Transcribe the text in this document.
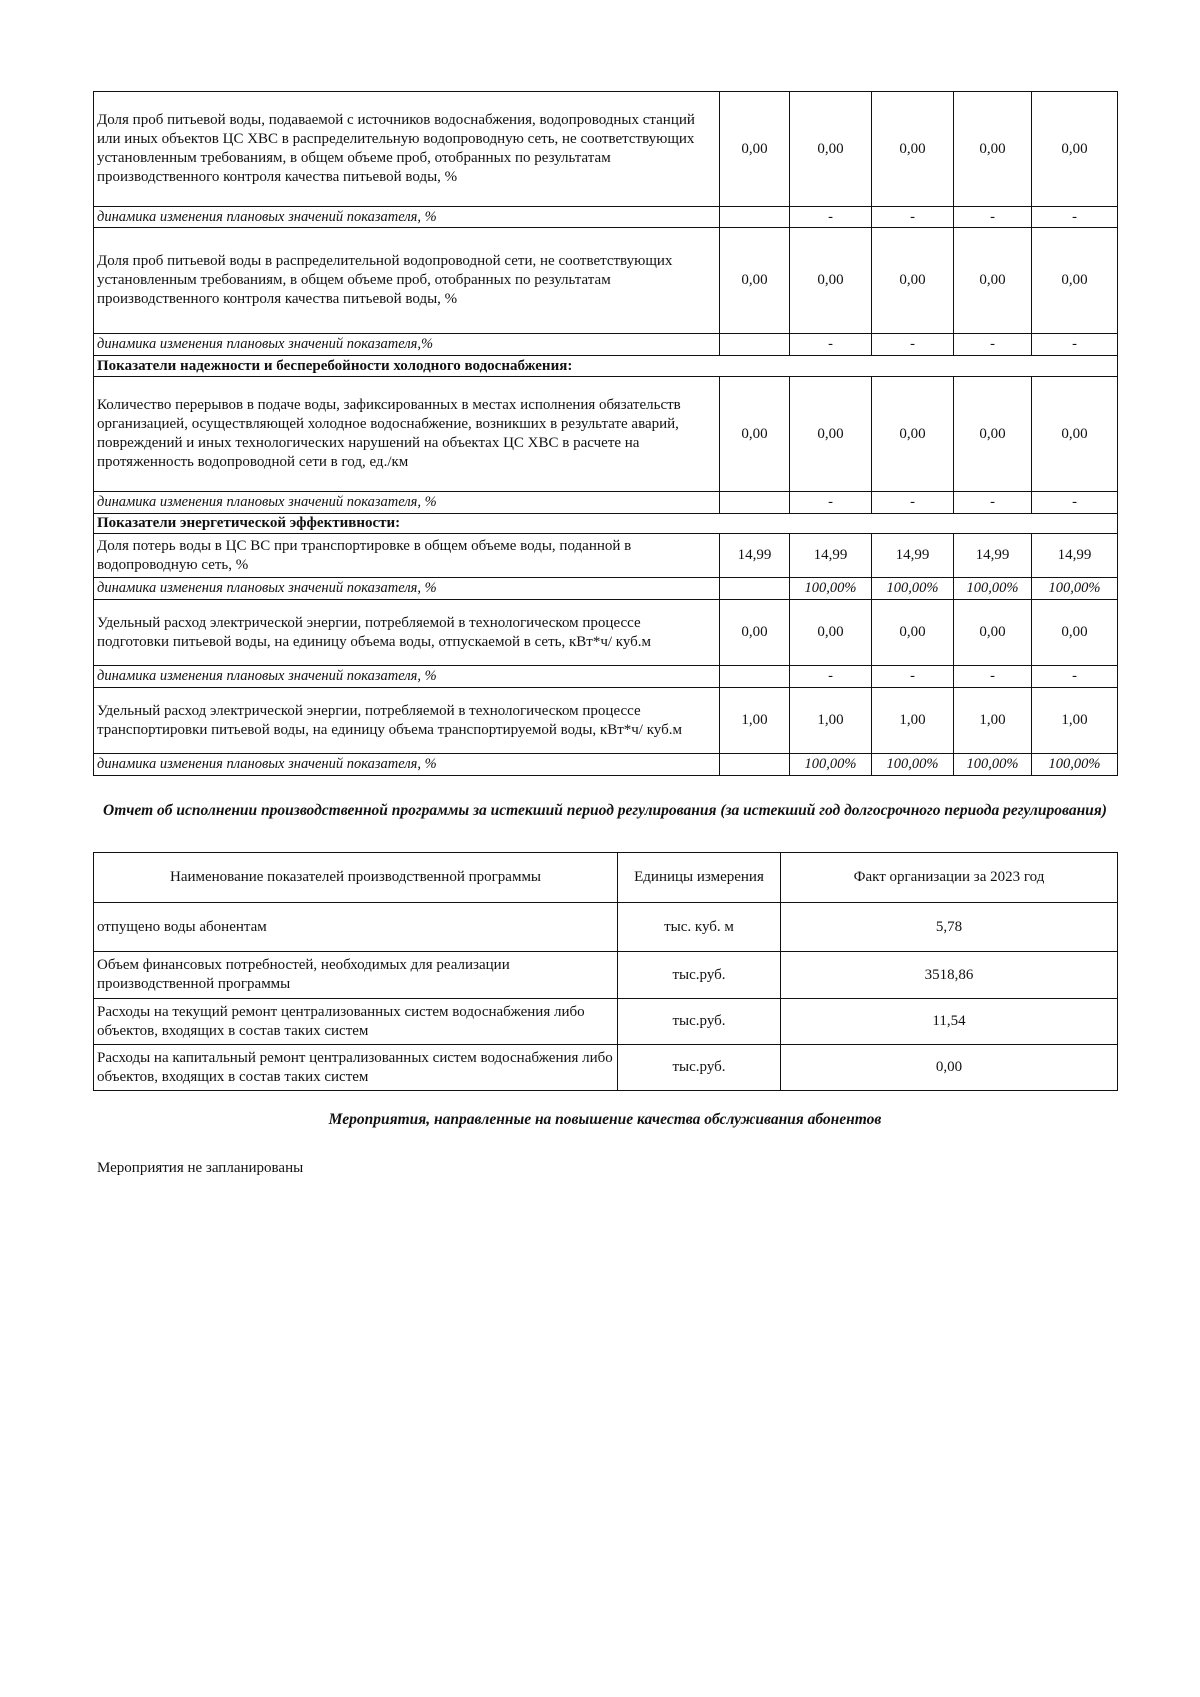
Доля проб питьевой воды, подаваемой с источников водоснабжения, водопроводных станций или иных объектов ЦС ХВС в распределительную водопроводную сеть, не соответствующих установленным требованиям, в общем объеме проб, отобранных по результатам производственного контроля качества питьевой воды, %	0,00	0,00	0,00	0,00	0,00
динамика изменения плановых значений показателя, %		-	-	-	-
Доля проб питьевой воды в распределительной водопроводной сети, не соответствующих установленным требованиям, в общем объеме проб, отобранных по результатам производственного контроля качества питьевой воды, %	0,00	0,00	0,00	0,00	0,00
динамика изменения плановых значений показателя,%		-	-	-	-
Показатели надежности и бесперебойности холодного водоснабжения:					
Количество перерывов в подаче воды, зафиксированных в местах исполнения обязательств организацией, осуществляющей холодное водоснабжение, возникших в результате аварий, повреждений и иных технологических нарушений на объектах ЦС ХВС в расчете на протяженность водопроводной сети в год, ед./км	0,00	0,00	0,00	0,00	0,00
динамика изменения плановых значений показателя, %		-	-	-	-
Показатели энергетической эффективности:					
Доля потерь воды в ЦС ВС при транспортировке в общем объеме воды, поданной в водопроводную сеть, %	14,99	14,99	14,99	14,99	14,99
динамика изменения плановых значений показателя, %		100,00%	100,00%	100,00%	100,00%
Удельный расход электрической энергии, потребляемой в технологическом процессе подготовки питьевой воды, на единицу объема воды, отпускаемой в сеть, кВт*ч/ куб.м	0,00	0,00	0,00	0,00	0,00
динамика изменения плановых значений показателя, %		-	-	-	-
Удельный расход электрической энергии, потребляемой в технологическом процессе транспортировки питьевой воды, на единицу объема транспортируемой воды, кВт*ч/ куб.м	1,00	1,00	1,00	1,00	1,00
динамика изменения плановых значений показателя, %		100,00%	100,00%	100,00%	100,00%

Отчет об исполнении производственной программы за истекший период регулирования (за истекший год долгосрочного периода регулирования)

Наименование показателей производственной программы	Единицы измерения	Факт организации за 2023 год
отпущено воды абонентам	тыс. куб. м	5,78
Объем финансовых потребностей, необходимых для реализации производственной программы	тыс.руб.	3518,86
Расходы на текущий ремонт централизованных систем водоснабжения либо объектов, входящих в состав таких систем	тыс.руб.	11,54
Расходы на капитальный ремонт централизованных систем водоснабжения либо объектов, входящих в состав таких систем	тыс.руб.	0,00

Мероприятия, направленные на повышение качества обслуживания абонентов

Мероприятия не запланированы
